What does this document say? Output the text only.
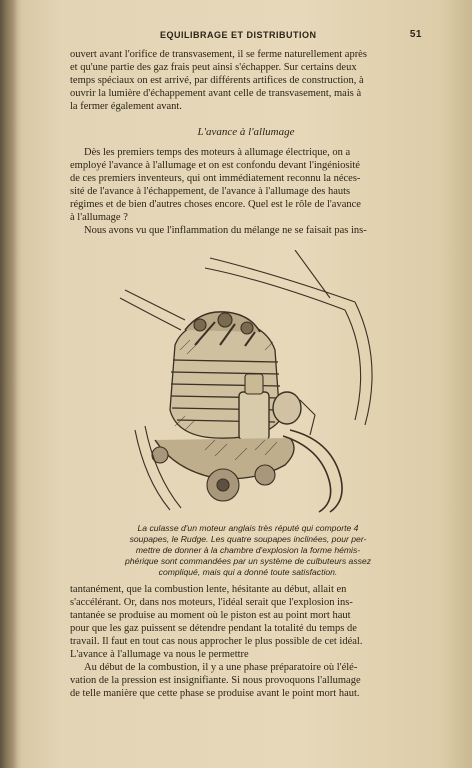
EQUILIBRAGE ET DISTRIBUTION	51

ouvert avant l'orifice de transvasement, il se ferme naturellement après

et qu'une partie des gaz frais peut ainsi s'échapper. Sur certains deux

temps spéciaux on est arrivé, par différents artifices de construction, à

ouvrir la lumière d'échappement avant celle de transvasement, mais à

la fermer également avant.

L'avance à l'allumage

Dès les premiers temps des moteurs à allumage électrique, on a

employé l'avance à l'allumage et on est confondu devant l'ingéniosité

de ces premiers inventeurs, qui ont immédiatement reconnu la néces-

sité de l'avance à l'échappement, de l'avance à l'allumage des hauts

régimes et de bien d'autres choses encore. Quel est le rôle de l'avance

à l'allumage ?

Nous avons vu que l'inflammation du mélange ne se faisait pas ins-

La culasse d'un moteur anglais très réputé qui comporte 4
soupapes, le Rudge. Les quatre soupapes inclinées, pour per-
mettre de donner à la chambre d'explosion la forme hémis-
phérique sont commandées par un système de culbuteurs assez
compliqué, mais qui a donné toute satisfaction.

tantanément, que la combustion lente, hésitante au début, allait en

s'accélérant. Or, dans nos moteurs, l'idéal serait que l'explosion ins-

tantanée se produise au moment où le piston est au point mort haut

pour que les gaz puissent se détendre pendant la totalité du temps de

travail. Il faut en tout cas nous approcher le plus possible de cet idéal.

L'avance à l'allumage va nous le permettre

Au début de la combustion, il y a une phase préparatoire où l'élé-

vation de la pression est insignifiante. Si nous provoquons l'allumage

de telle manière que cette phase se produise avant le point mort haut.
